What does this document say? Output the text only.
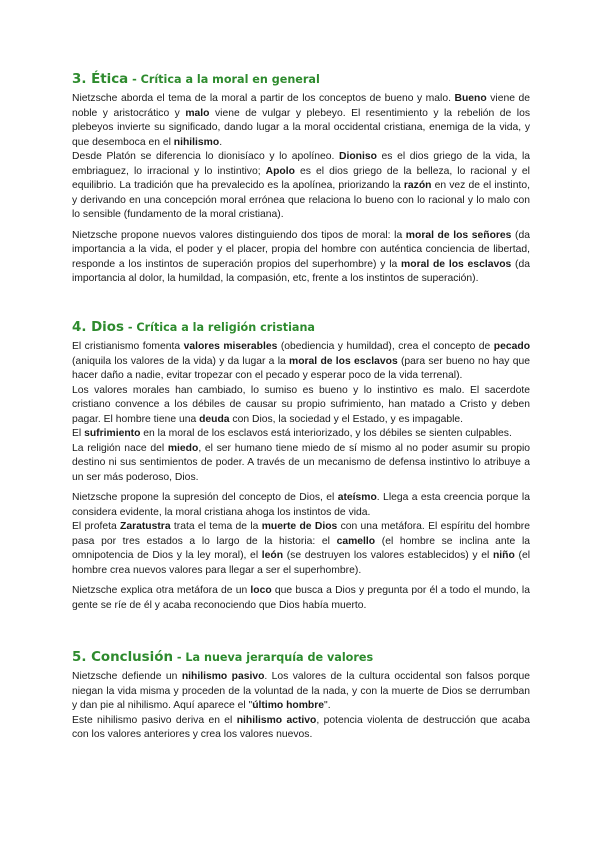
3. Ética - Crítica a la moral en general

Nietzsche aborda el tema de la moral a partir de los conceptos de bueno y malo. Bueno viene de noble y aristocrático y malo viene de vulgar y plebeyo. El resentimiento y la rebelión de los plebeyos invierte su significado, dando lugar a la moral occidental cristiana, enemiga de la vida, y que desemboca en el nihilismo.

Desde Platón se diferencia lo dionisíaco y lo apolíneo. Dioniso es el dios griego de la vida, la embriaguez, lo irracional y lo instintivo; Apolo es el dios griego de la belleza, lo racional y el equilibrio. La tradición que ha prevalecido es la apolínea, priorizando la razón en vez de el instinto, y derivando en una concepción moral errónea que relaciona lo bueno con lo racional y lo malo con lo sensible (fundamento de la moral cristiana).

Nietzsche propone nuevos valores distinguiendo dos tipos de moral: la moral de los señores (da importancia a la vida, el poder y el placer, propia del hombre con auténtica conciencia de libertad, responde a los instintos de superación propios del superhombre) y la moral de los esclavos (da importancia al dolor, la humildad, la compasión, etc, frente a los instintos de superación).

4. Dios - Crítica a la religión cristiana

El cristianismo fomenta valores miserables (obediencia y humildad), crea el concepto de pecado (aniquila los valores de la vida) y da lugar a la moral de los esclavos (para ser bueno no hay que hacer daño a nadie, evitar tropezar con el pecado y esperar poco de la vida terrenal).

Los valores morales han cambiado, lo sumiso es bueno y lo instintivo es malo. El sacerdote cristiano convence a los débiles de causar su propio sufrimiento, han matado a Cristo y deben pagar. El hombre tiene una deuda con Dios, la sociedad y el Estado, y es impagable.

El sufrimiento en la moral de los esclavos está interiorizado, y los débiles se sienten culpables.

La religión nace del miedo, el ser humano tiene miedo de sí mismo al no poder asumir su propio destino ni sus sentimientos de poder. A través de un mecanismo de defensa instintivo lo atribuye a un ser más poderoso, Dios.

Nietzsche propone la supresión del concepto de Dios, el ateísmo. Llega a esta creencia porque la considera evidente, la moral cristiana ahoga los instintos de vida.

El profeta Zaratustra trata el tema de la muerte de Dios con una metáfora. El espíritu del hombre pasa por tres estados a lo largo de la historia: el camello (el hombre se inclina ante la omnipotencia de Dios y la ley moral), el león (se destruyen los valores establecidos) y el niño (el hombre crea nuevos valores para llegar a ser el superhombre).

Nietzsche explica otra metáfora de un loco que busca a Dios y pregunta por él a todo el mundo, la gente se ríe de él y acaba reconociendo que Dios había muerto.

5. Conclusión - La nueva jerarquía de valores

Nietzsche defiende un nihilismo pasivo. Los valores de la cultura occidental son falsos porque niegan la vida misma y proceden de la voluntad de la nada, y con la muerte de Dios se derrumban y dan pie al nihilismo. Aquí aparece el "último hombre".

Este nihilismo pasivo deriva en el nihilismo activo, potencia violenta de destrucción que acaba con los valores anteriores y crea los valores nuevos.
